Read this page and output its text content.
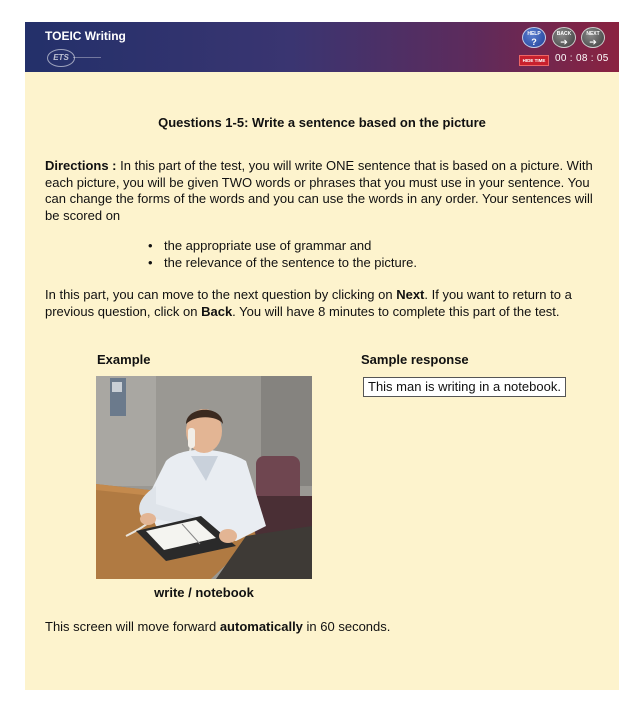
TOEIC Writing
ETS
HELP
?
BACK
➔
NEXT
➔
HIDE TIME 00 : 08 : 05
Questions 1-5: Write a sentence based on the picture
Directions : In this part of the test, you will write ONE sentence that is based on a picture. With each picture, you will be given TWO words or phrases that you must use in your sentence. You can change the forms of the words and you can use the words in any order. Your sentences will be scored on
• the appropriate use of grammar and
• the relevance of the sentence to the picture.
In this part, you can move to the next question by clicking on Next. If you want to return to a previous question, click on Back. You will have 8 minutes to complete this part of the test.
Example	Sample response
This man is writing in a notebook.
write / notebook
This screen will move forward automatically in 60 seconds.
